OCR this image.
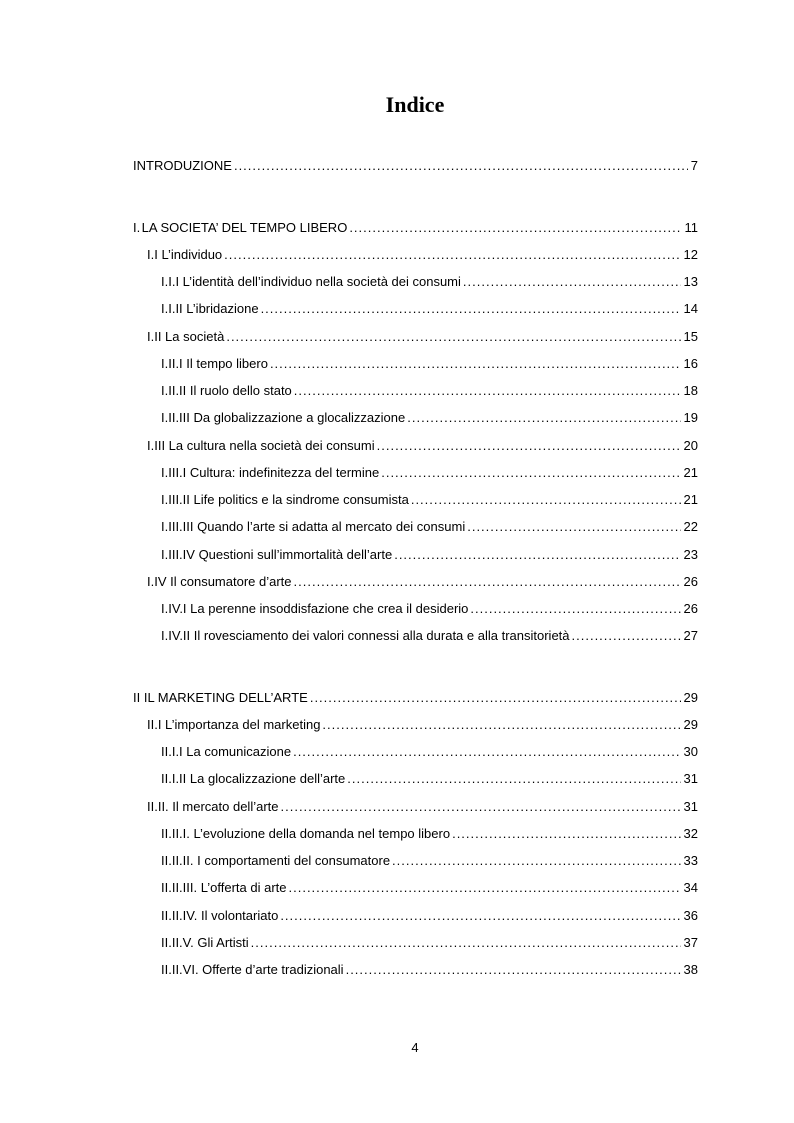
Indice
INTRODUZIONE .....	7
I. LA SOCIETA’ DEL TEMPO LIBERO .....	11
I.I L’individuo .....	12
I.I.I L’identità dell’individuo nella società dei consumi .....	13
I.I.II L’ibridazione .....	14
I.II La società .....	15
I.II.I Il tempo libero .....	16
I.II.II Il ruolo dello stato .....	18
I.II.III Da globalizzazione a glocalizzazione .....	19
I.III La cultura nella società dei consumi .....	20
I.III.I Cultura: indefinitezza del termine .....	21
I.III.II Life politics e la sindrome consumista .....	21
I.III.III Quando l’arte si adatta al mercato dei consumi .....	22
I.III.IV Questioni sull’immortalità dell’arte .....	23
I.IV Il consumatore d’arte .....	26
I.IV.I La perenne insoddisfazione che crea il desiderio .....	26
I.IV.II Il rovesciamento dei valori connessi alla durata e alla transitorietà .....	27
II IL MARKETING DELL’ARTE .....	29
II.I L’importanza del marketing .....	29
II.I.I La comunicazione .....	30
II.I.II La glocalizzazione dell’arte .....	31
II.II. Il mercato dell’arte .....	31
II.II.I. L’evoluzione della domanda nel tempo libero .....	32
II.II.II. I comportamenti del consumatore .....	33
II.II.III. L’offerta di arte .....	34
II.II.IV. Il volontariato .....	36
II.II.V. Gli Artisti .....	37
II.II.VI. Offerte d’arte tradizionali .....	38
4
